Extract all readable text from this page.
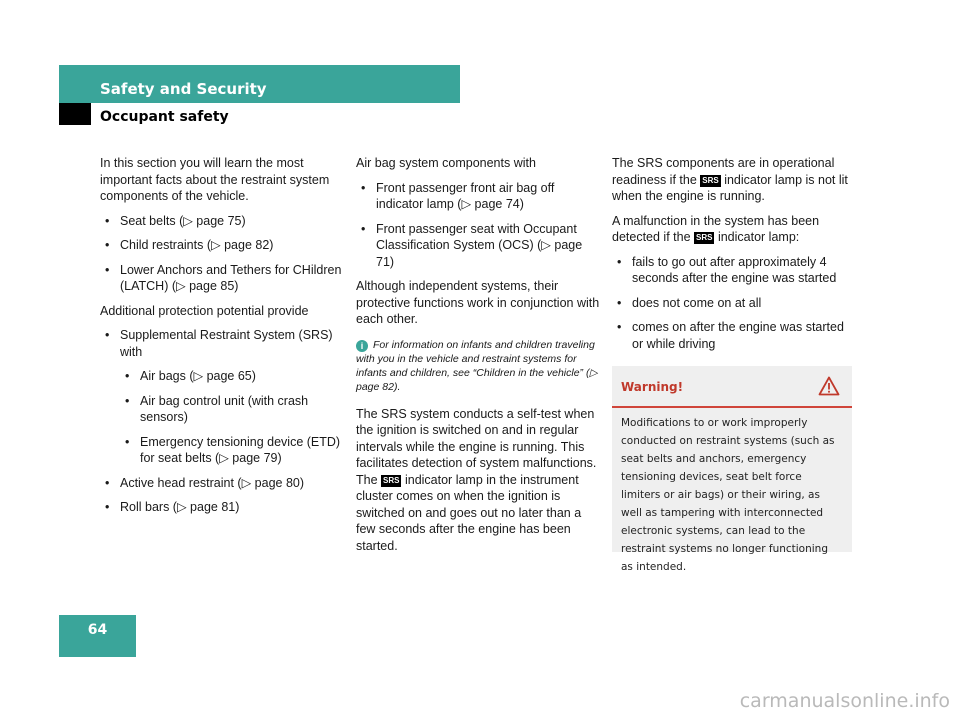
Safety and Security
Occupant safety

In this section you will learn the most important facts about the restraint system components of the vehicle.

• Seat belts (▷ page 75)
• Child restraints (▷ page 82)
• Lower Anchors and Tethers for CHildren (LATCH) (▷ page 85)

Additional protection potential provide

• Supplemental Restraint System (SRS) with
• Air bags (▷ page 65)
• Air bag control unit (with crash sensors)
• Emergency tensioning device (ETD) for seat belts (▷ page 79)
• Active head restraint (▷ page 80)
• Roll bars (▷ page 81)

Air bag system components with

• Front passenger front air bag off indicator lamp (▷ page 74)
• Front passenger seat with Occupant Classification System (OCS) (▷ page 71)

Although independent systems, their protective functions work in conjunction with each other.

i For information on infants and children traveling with you in the vehicle and restraint systems for infants and children, see “Children in the vehicle” (▷ page 82).

The SRS system conducts a self-test when the ignition is switched on and in regular intervals while the engine is running. This facilitates detection of system malfunctions. The SRS indicator lamp in the instrument cluster comes on when the ignition is switched on and goes out no later than a few seconds after the engine has been started.

The SRS components are in operational readiness if the SRS indicator lamp is not lit when the engine is running.

A malfunction in the system has been detected if the SRS indicator lamp:

• fails to go out after approximately 4 seconds after the engine was started
• does not come on at all
• comes on after the engine was started or while driving
Warning!
Modifications to or work improperly conducted on restraint systems (such as seat belts and anchors, emergency tensioning devices, seat belt force limiters or air bags) or their wiring, as well as tampering with interconnected electronic systems, can lead to the restraint systems no longer functioning as intended.
64
carmanualsonline.info
